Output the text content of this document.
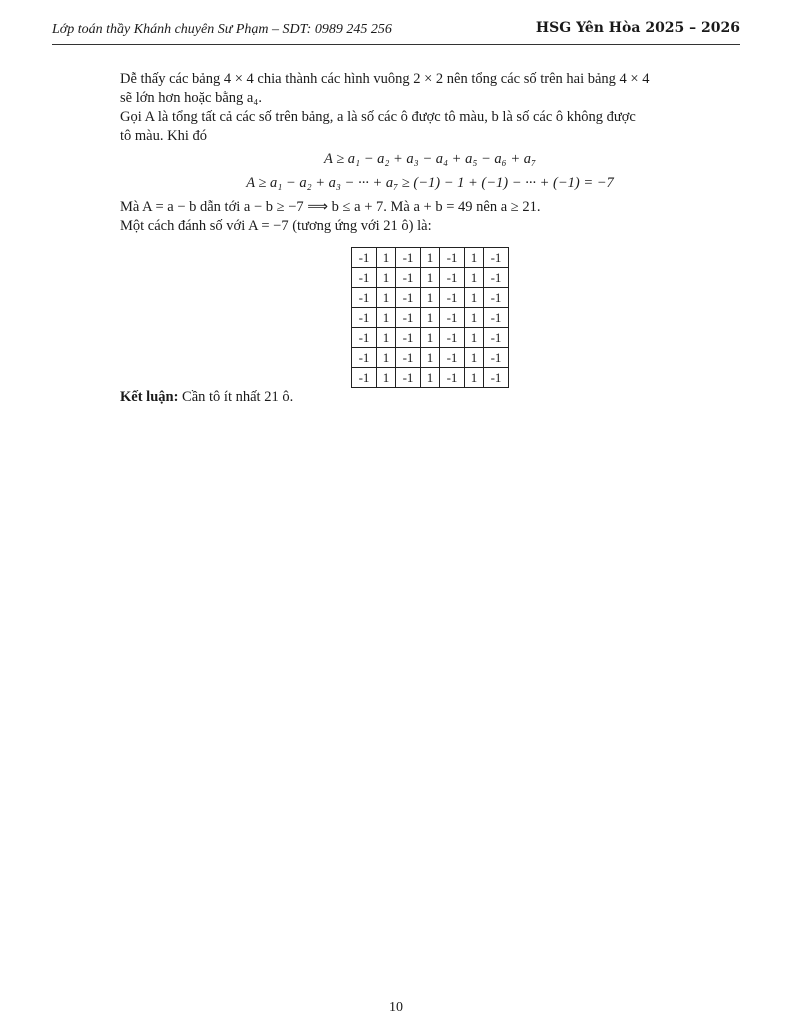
Lớp toán thầy Khánh chuyên Sư Phạm – SDT: 0989 245 256	HSG Yên Hòa 2025 – 2026

Dễ thấy các bảng 4 × 4 chia thành các hình vuông 2 × 2 nên tổng các số trên hai bảng 4 × 4

sẽ lớn hơn hoặc bằng a₄.

Gọi A là tổng tất cả các số trên bảng, a là số các ô được tô màu, b là số các ô không được

tô màu. Khi đó

A ≥ a₁ − a₂ + a₃ − a₄ + a₅ − a₆ + a₇
A ≥ a₁ − a₂ + a₃ − ··· + a₇ ≥ (−1) − 1 + (−1) − ··· + (−1) = −7

Mà A = a − b dẫn tới a − b ≥ −7 ⟹ b ≤ a + 7. Mà a + b = 49 nên a ≥ 21.

Một cách đánh số với A = −7 (tương ứng với 21 ô) là:

-1	1	-1	1	-1	1	-1
-1	1	-1	1	-1	1	-1
-1	1	-1	1	-1	1	-1
-1	1	-1	1	-1	1	-1
-1	1	-1	1	-1	1	-1
-1	1	-1	1	-1	1	-1
-1	1	-1	1	-1	1	-1

Kết luận: Cần tô ít nhất 21 ô.

10
